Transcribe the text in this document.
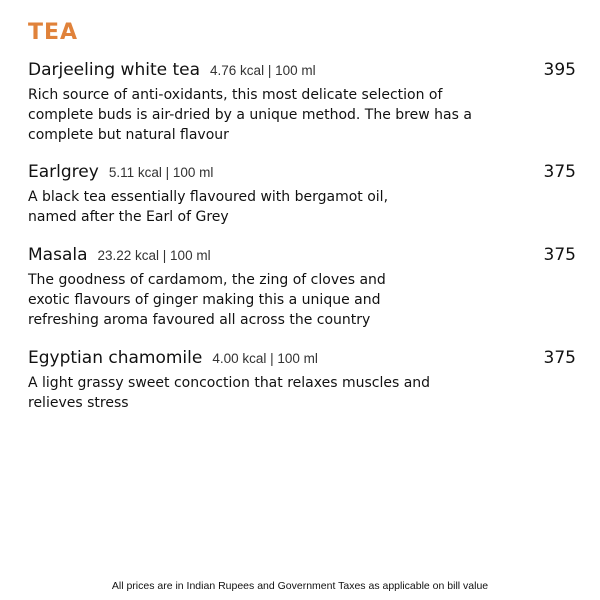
TEA
Darjeeling white tea 4.76 kcal | 100 ml	395

Rich source of anti-oxidants, this most delicate selection of complete buds is air-dried by a unique method. The brew has a complete but natural flavour

Earlgrey 5.11 kcal | 100 ml	375

A black tea essentially flavoured with bergamot oil, named after the Earl of Grey

Masala 23.22 kcal | 100 ml	375

The goodness of cardamom, the zing of cloves and exotic flavours of ginger making this a unique and refreshing aroma favoured all across the country

Egyptian chamomile 4.00 kcal | 100 ml	375

A light grassy sweet concoction that relaxes muscles and relieves stress

All prices are in Indian Rupees and Government Taxes as applicable on bill value
